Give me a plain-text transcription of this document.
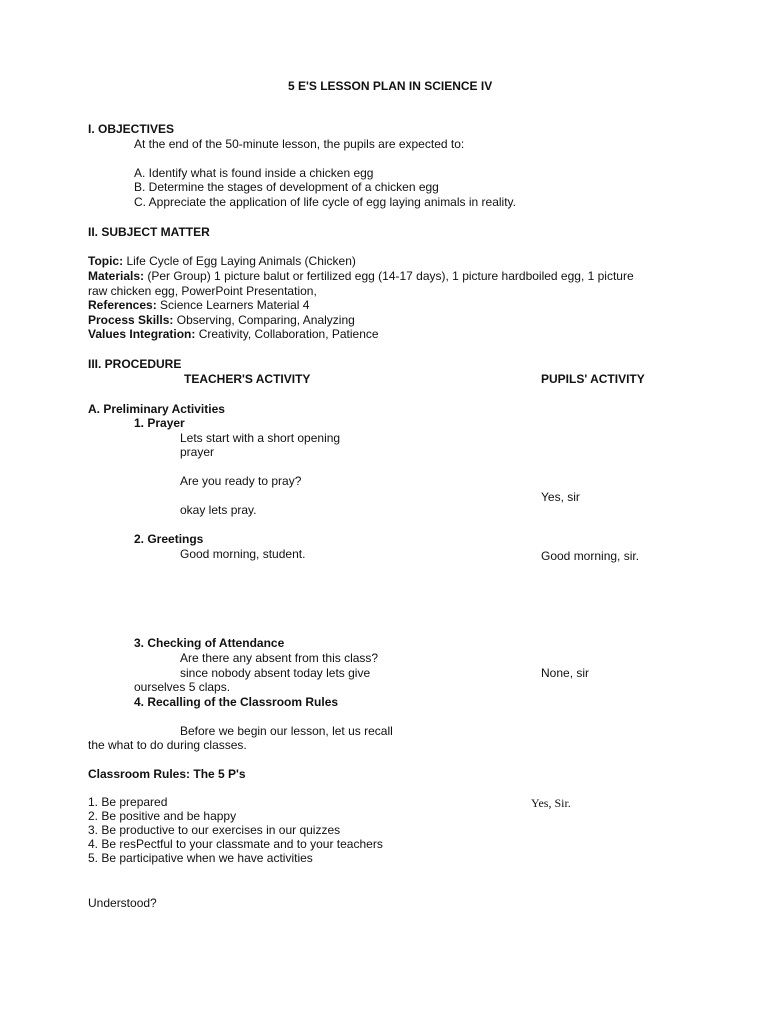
5 E'S LESSON PLAN IN SCIENCE IV
I. OBJECTIVES
At the end of the 50-minute lesson, the pupils are expected to:
A. Identify what is found inside a chicken egg
B. Determine the stages of development of a chicken egg
C. Appreciate the application of life cycle of egg laying animals in reality.
II. SUBJECT MATTER
Topic: Life Cycle of Egg Laying Animals (Chicken)
Materials: (Per Group) 1 picture balut or fertilized egg (14-17 days), 1 picture hardboiled egg, 1 picture
raw chicken egg, PowerPoint Presentation,
References: Science Learners Material 4
Process Skills: Observing, Comparing, Analyzing
Values Integration: Creativity, Collaboration, Patience
III. PROCEDURE
TEACHER'S ACTIVITY	PUPILS' ACTIVITY
A. Preliminary Activities
1. Prayer
Lets start with a short opening
prayer
Are you ready to pray?
Yes, sir
okay lets pray.
2. Greetings
Good morning, student.	Good morning, sir.
3. Checking of Attendance
Are there any absent from this class?
since nobody absent today lets give	None, sir
ourselves 5 claps.
4. Recalling of the Classroom Rules
Before we begin our lesson, let us recall
the what to do during classes.
Classroom Rules: The 5 P's
1. Be prepared	Yes, Sir.
2. Be positive and be happy
3. Be productive to our exercises in our quizzes
4. Be resPectful to your classmate and to your teachers
5. Be participative when we have activities
Understood?
